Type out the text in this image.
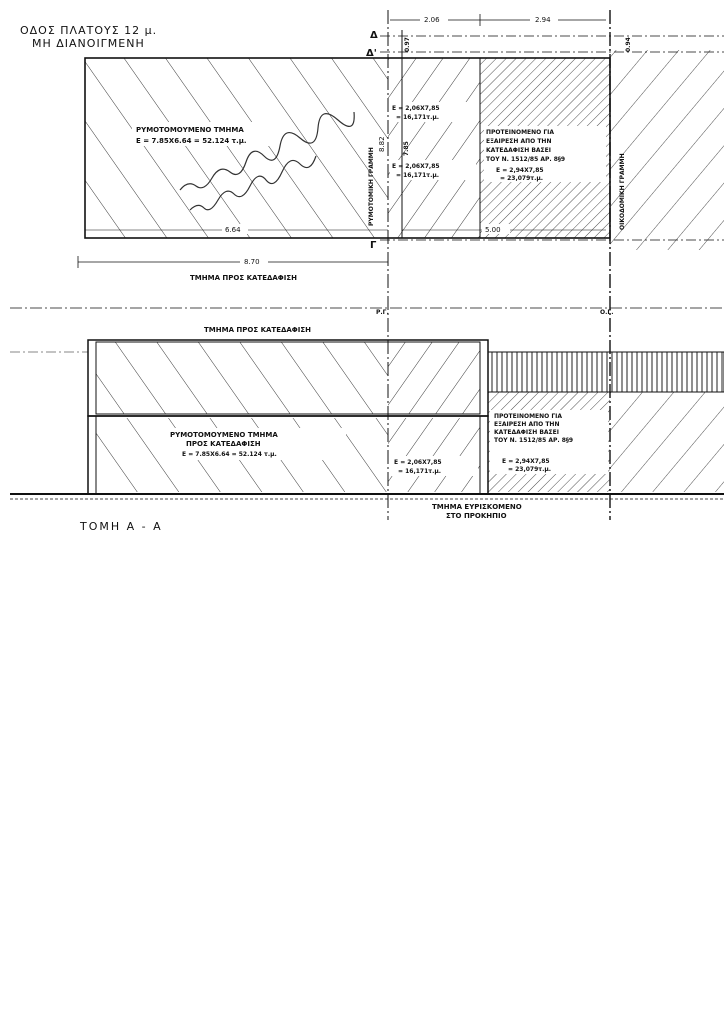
ΟΔΟΣ ΠΛΑΤΟΥΣ 12 μ.
ΜΗ ΔΙΑΝΟΙΓΜΕΝΗ
2.06	2.94
Δ
Δ'
Γ
0.97	0.94
8.82	7.85
ΡΥΜΟΤΟΜΙΚΗ ΓΡΑΜΜΗ	ΟΙΚΟΔΟΜΙΚΗ ΓΡΑΜΜΗ
ΡΥΜΟΤΟΜΟΥΜΕΝΟ ΤΜΗΜΑ
Ε = 7.85Χ6.64 = 52.124 τ.μ.
Ε = 2,06Χ7,85
= 16,171τ.μ.
Ε = 2,06Χ7,85
= 16,171τ.μ.
ΠΡΟΤΕΙΝΟΜΕΝΟ ΓΙΑ
ΕΞΑΙΡΕΣΗ ΑΠΟ ΤΗΝ
ΚΑΤΕΔΑΦΙΣΗ ΒΑΣΕΙ
ΤΟΥ Ν. 1512/85 ΑΡ. 8§9
Ε = 2,94Χ7,85
= 23,079τ.μ.
6.64	5.00
8.70
ΤΜΗΜΑ ΠΡΟΣ ΚΑΤΕΔΑΦΙΣΗ
Ρ.Γ.	Ο.Γ.
ΤΜΗΜΑ ΠΡΟΣ ΚΑΤΕΔΑΦΙΣΗ
ΡΥΜΟΤΟΜΟΥΜΕΝΟ ΤΜΗΜΑ
ΠΡΟΣ ΚΑΤΕΔΑΦΙΣΗ
Ε = 7.85Χ6.64 = 52.124 τ.μ.
Ε = 2,06Χ7,85
= 16,171τ.μ.
ΠΡΟΤΕΙΝΟΜΕΝΟ ΓΙΑ
ΕΞΑΙΡΕΣΗ ΑΠΟ ΤΗΝ
ΚΑΤΕΔΑΦΙΣΗ ΒΑΣΕΙ
ΤΟΥ Ν. 1512/85 ΑΡ. 8§9
Ε = 2,94Χ7,85
= 23,079τ.μ.
ΤΜΗΜΑ ΕΥΡΙΣΚΟΜΕΝΟ
ΣΤΟ ΠΡΟΚΗΠΙΟ
ΤΟΜΗ Α - Α
